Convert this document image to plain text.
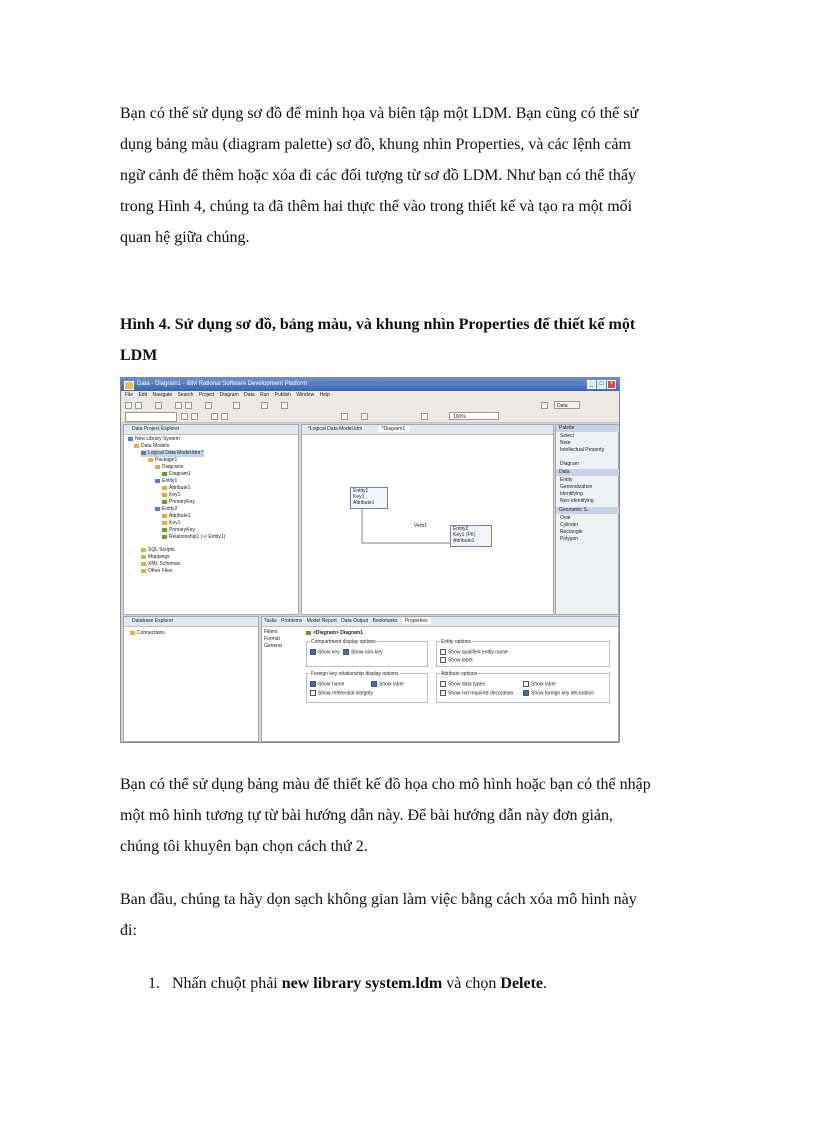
Bạn có thể sử dụng sơ đồ để minh họa và biên tập một LDM. Bạn cũng có thể sử
dụng bảng màu (diagram palette) sơ đồ, khung nhìn Properties, và các lệnh cảm
ngữ cảnh để thêm hoặc xóa đi các đối tượng từ sơ đồ LDM. Như bạn có thể thấy
trong Hình 4, chúng ta đã thêm hai thực thể vào trong thiết kế và tạo ra một mối
quan hệ giữa chúng.

Hình 4. Sử dụng sơ đồ, bảng màu, và khung nhìn Properties để thiết kế một
LDM

Data - Diagram1 - IBM Rational Software Development Platform	_	□	×
File Edit Navigate Search Project Diagram Data Run Publish Window Help
Data
100%
Data Project Explorer
New Library System
Data Models
Logical Data Model.ldm *
Package1
Diagrams
Diagram1
Entity1
Attribute1
Key1
PrimaryKey
Entity2
Attribute1
Key1
PrimaryKey
Relationship1 (-> Entity1)
SQL Scripts
Mappings
XML Schemas
Other Files
*Logical Data Model.ldm	*Diagram1
Entity1
Key1
Attribute1
Entity2
Key1 (FK)
Attribute1
Verb1
Palette
Select
Note
Intellectual Property
Diagram
Data
Entity
Generalization
Identifying
Non-Identifying
Geometric S...
Oval
Cylinder
Rectangle
Polygon
Database Explorer
Connections
Tasks Problems Model Report Data Output Bookmarks Properties
Filters
Format
General
<Diagram> Diagram1
Compartment display options
Show key	Show non-key
Entity options
Show qualified entity name
Show label
Foreign key relationship display options
Show name	Show label
Show referential integrity
Attribute options
Show data types	Show label
Show not required decoration	Show foreign key decoration

Bạn có thể sử dụng bảng màu để thiết kế đồ họa cho mô hình hoặc bạn có thể nhập
một mô hình tương tự từ bài hướng dẫn này. Để bài hướng dẫn này đơn giản,
chúng tôi khuyên bạn chọn cách thứ 2.

Ban đầu, chúng ta hãy dọn sạch không gian làm việc bằng cách xóa mô hình này
đi:

1. Nhấn chuột phải new library system.ldm và chọn Delete.
